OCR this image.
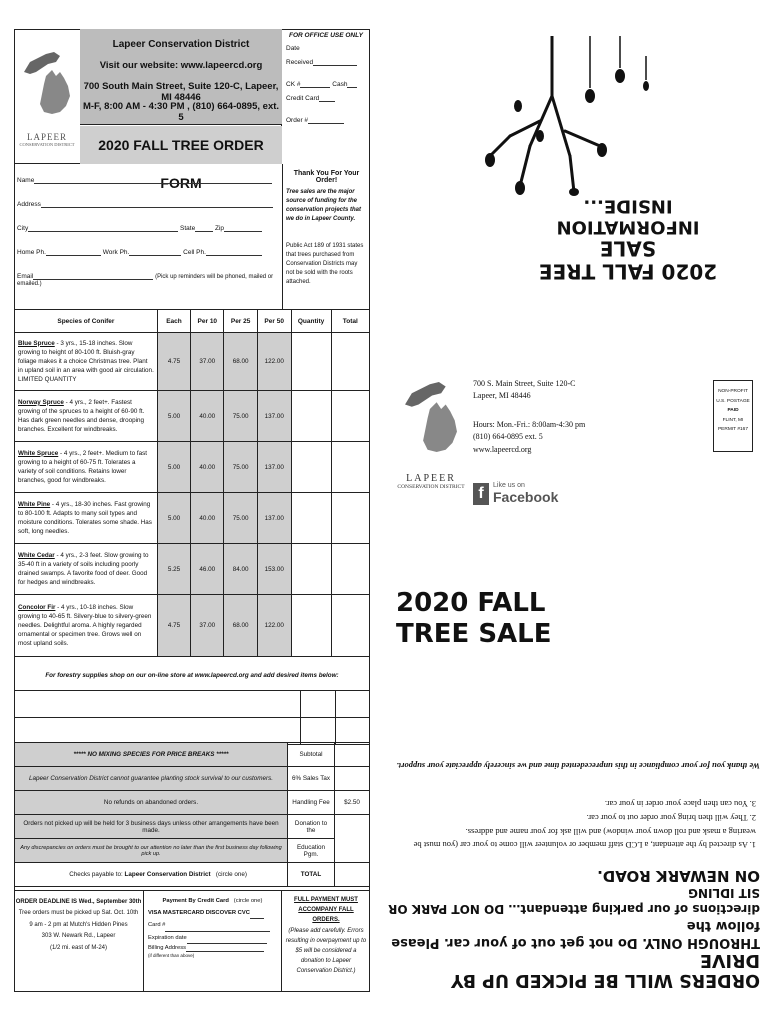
LAPEER
CONSERVATION DISTRICT
Lapeer Conservation District
Visit our website: www.lapeercd.org
700 South Main Street, Suite 120-C, Lapeer, MI 48446
M-F, 8:00 AM - 4:30 PM , (810) 664-0895, ext. 5
2020 FALL TREE ORDER FORM
FOR OFFICE USE ONLY
Date
Received
CK #	Cash
Credit Card
Order #
Name
Address
City	State	Zip
Home Ph.	Work Ph.	Cell Ph.
Email	(Pick up reminders will be phoned, mailed or emailed.)
Thank You For Your Order!
Tree sales are the major source of funding for the conservation projects that we do in Lapeer County.
Public Act 189 of 1931 states that trees purchased from Conservation Districts may not be sold with the roots attached.
Species of Conifer	Each	Per 10	Per 25	Per 50	Quantity	Total
Blue Spruce - 3 yrs., 15-18 inches. Slow growing to height of 80-100 ft. Bluish-gray foliage makes it a choice Christmas tree. Plant in upland soil in an area with good air circulation. LIMITED QUANTITY	4.75	37.00	68.00	122.00		
Norway Spruce - 4 yrs., 2 feet+. Fastest growing of the spruces to a height of 60-90 ft. Has dark green needles and dense, drooping branches. Excellent for windbreaks.	5.00	40.00	75.00	137.00		
White Spruce - 4 yrs., 2 feet+. Medium to fast growing to a height of 60-75 ft. Tolerates a variety of soil conditions. Retains lower branches, good for windbreaks.	5.00	40.00	75.00	137.00		
White Pine - 4 yrs., 18-30 inches. Fast growing to 80-100 ft. Adapts to many soil types and moisture conditions. Tolerates some shade. Has soft, long needles.	5.00	40.00	75.00	137.00		
White Cedar - 4 yrs., 2-3 feet. Slow growing to 35-40 ft in a variety of soils including poorly drained swamps. A favorite food of deer. Good for hedges and windbreaks.	5.25	46.00	84.00	153.00		
Concolor Fir - 4 yrs., 10-18 inches. Slow growing to 40-65 ft. Silvery-blue to silvery-green needles. Delightful aroma. A highly regarded ornamental or specimen tree. Grows well on most upland soils.	4.75	37.00	68.00	122.00		
For forestry supplies shop on our on-line store at www.lapeercd.org and add desired items below:
***** NO MIXING SPECIES FOR PRICE BREAKS *****	Subtotal	
Lapeer Conservation District cannot guarantee planting stock survival to our customers.	6% Sales Tax	
No refunds on abandoned orders.	Handling Fee	$2.50
Orders not picked up will be held for 3 business days unless other arrangements have been made.	Donation to the	
Any discrepancies on orders must be brought to our attention no later than the first business day following pick up.	Education Pgm.	
Checks payable to: Lapeer Conservation District (circle one)	TOTAL	
ORDER DEADLINE IS Wed., September 30th
Tree orders must be picked up Sat. Oct. 10th
9 am - 2 pm at Mutch's Hidden Pines
303 W. Newark Rd., Lapeer
(1/2 mi. east of M-24)
Payment By Credit Card (circle one)
VISA MASTERCARD DISCOVER CVC
Card #
Expiration date
Billing Address
(if different than above)
FULL PAYMENT MUST
ACCOMPANY FALL ORDERS.
(Please add carefully. Errors resulting in overpayment up to $5 will be considered a donation to Lapeer Conservation District.)
2020 FALL TREE SALE
INFORMATION INSIDE...
LAPEER
CONSERVATION DISTRICT
700 S. Main Street, Suite 120-C
Lapeer, MI 48446
Hours: Mon.-Fri.: 8:00am-4:30 pm
(810) 664-0895 ext. 5
www.lapeercd.org
f	Like us on
Facebook
NON-PROFIT
U.S. POSTAGE
PAID
FLINT, MI
PERMIT #167
2020 FALL
TREE SALE
ORDERS WILL BE PICKED UP BY DRIVE
THROUGH ONLY. Do not get out of your car. Please follow the
directions of our parking attendant… DO NOT PARK OR SIT IDLING
ON NEWARK ROAD.
1. As directed by the attendant, a LCD staff member or volunteer will come to your car (you must be wearing a mask and roll down your window) and will ask for your name and address.
2. They will then bring your order out to your car.
3. You can then place your order in your car.
We thank you for your compliance in this unprecedented time and we sincerely appreciate your support.
